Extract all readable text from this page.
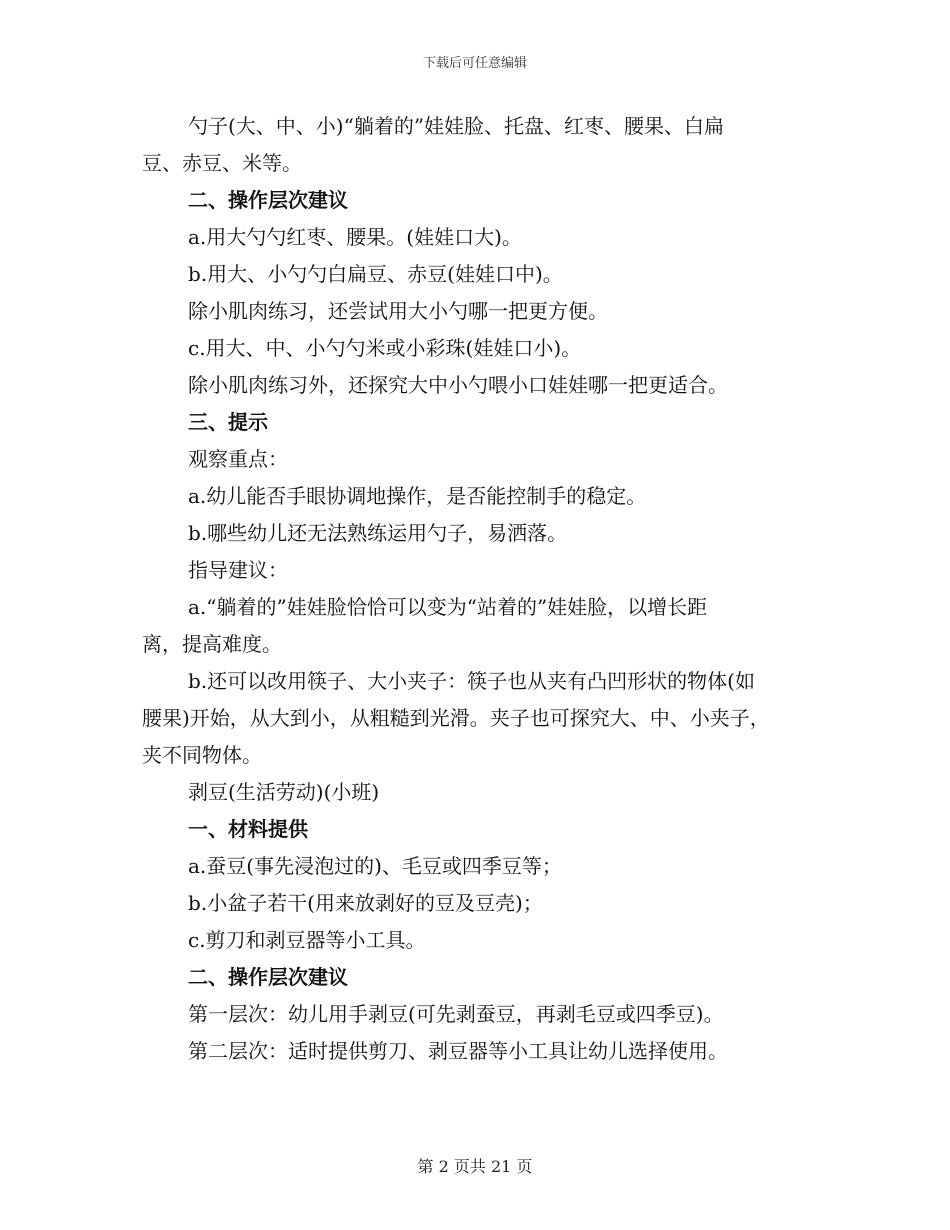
下载后可任意编辑
勺子(大、中、小)“躺着的”娃娃脸、托盘、红枣、腰果、白扁
豆、赤豆、米等。
二、操作层次建议
a.用大勺勺红枣、腰果。(娃娃口大)。
b.用大、小勺勺白扁豆、赤豆(娃娃口中)。
除小肌肉练习，还尝试用大小勺哪一把更方便。
c.用大、中、小勺勺米或小彩珠(娃娃口小)。
除小肌肉练习外，还探究大中小勺喂小口娃娃哪一把更适合。
三、提示
观察重点：
a.幼儿能否手眼协调地操作，是否能控制手的稳定。
b.哪些幼儿还无法熟练运用勺子，易洒落。
指导建议：
a.“躺着的”娃娃脸恰恰可以变为“站着的”娃娃脸，以增长距
离，提高难度。
b.还可以改用筷子、大小夹子：筷子也从夹有凸凹形状的物体(如
腰果)开始，从大到小，从粗糙到光滑。夹子也可探究大、中、小夹子，
夹不同物体。
剥豆(生活劳动)(小班)
一、材料提供
a.蚕豆(事先浸泡过的)、毛豆或四季豆等；
b.小盆子若干(用来放剥好的豆及豆壳)；
c.剪刀和剥豆器等小工具。
二、操作层次建议
第一层次：幼儿用手剥豆(可先剥蚕豆，再剥毛豆或四季豆)。
第二层次：适时提供剪刀、剥豆器等小工具让幼儿选择使用。
第 2 页共 21 页
